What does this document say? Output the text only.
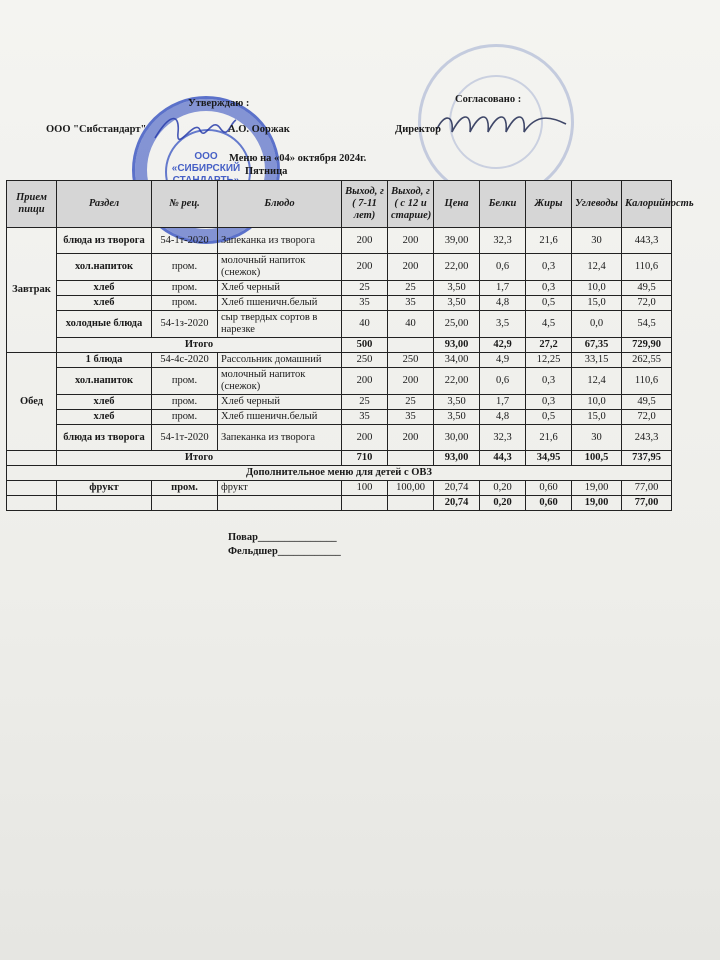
ООО
«СИБИРСКИЙ
Утверждаю :	Согласовано :
ООО "Сибстандарт"	А.О. Ооржак	Директор
Меню на «04» октября 2024г.
Пятница
Прием пищи	Раздел	№ рец.	Блюдо	Выход, г ( 7-11 лет)	Выход, г ( с 12 и старше)	Цена	Белки	Жиры	Углеводы	Калорийность
Завтрак	блюда из творога	54-1т-2020	Запеканка из творога	200	200	39,00	32,3	21,6	30	443,3
	хол.напиток	пром.	молочный напиток (снежок)	200	200	22,00	0,6	0,3	12,4	110,6
	хлеб	пром.	Хлеб черный	25	25	3,50	1,7	0,3	10,0	49,5
	хлеб	пром.	Хлеб пшеничн.белый	35	35	3,50	4,8	0,5	15,0	72,0
	холодные блюда	54-1з-2020	сыр твердых сортов в нарезке	40	40	25,00	3,5	4,5	0,0	54,5
	Итого			500		93,00	42,9	27,2	67,35	729,90
Обед	1 блюда	54-4с-2020	Рассольник домашний	250	250	34,00	4,9	12,25	33,15	262,55
	хол.напиток	пром.	молочный напиток (снежок)	200	200	22,00	0,6	0,3	12,4	110,6
	хлеб	пром.	Хлеб черный	25	25	3,50	1,7	0,3	10,0	49,5
	хлеб	пром.	Хлеб пшеничн.белый	35	35	3,50	4,8	0,5	15,0	72,0
	блюда из творога	54-1т-2020	Запеканка из творога	200	200	30,00	32,3	21,6	30	243,3
	Итого			710		93,00	44,3	34,95	100,5	737,95
Дополнительное меню для детей с ОВЗ										
	фрукт	пром.	фрукт	100	100,00	20,74	0,20	0,60	19,00	77,00
						20,74	0,20	0,60	19,00	77,00
Повар_______________
Фельдшер____________
